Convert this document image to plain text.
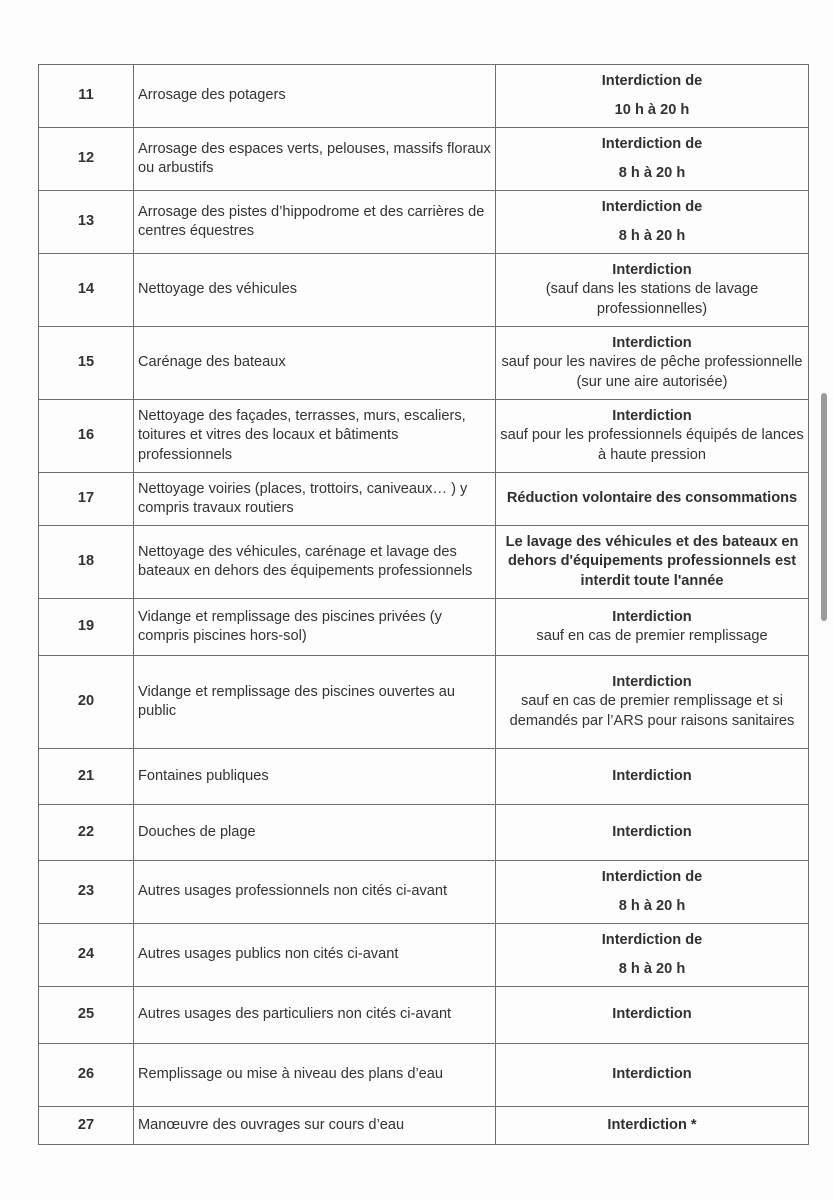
11	Arrosage des potagers	Interdiction de
10 h à 20 h

12	Arrosage des espaces verts, pelouses, massifs floraux ou arbustifs	Interdiction de
8 h à 20 h

13	Arrosage des pistes d’hippodrome et des carrières de centres équestres	Interdiction de
8 h à 20 h

14	Nettoyage des véhicules	Interdiction
(sauf dans les stations de lavage professionnelles)

15	Carénage des bateaux	Interdiction
sauf pour les navires de pêche professionnelle (sur une aire autorisée)

16	Nettoyage des façades, terrasses, murs, escaliers, toitures et vitres des locaux et bâtiments professionnels	Interdiction
sauf pour les professionnels équipés de lances à haute pression

17	Nettoyage voiries (places, trottoirs, caniveaux… ) y compris travaux routiers	Réduction volontaire des consommations

18	Nettoyage des véhicules, carénage et lavage des bateaux en dehors des équipements professionnels	Le lavage des véhicules et des bateaux en dehors d'équipements professionnels est interdit toute l'année

19	Vidange et remplissage des piscines privées (y compris piscines hors-sol)	Interdiction
sauf en cas de premier remplissage

20	Vidange et remplissage des piscines ouvertes au public	Interdiction
sauf en cas de premier remplissage et si demandés par l’ARS pour raisons sanitaires

21	Fontaines publiques	Interdiction

22	Douches de plage	Interdiction

23	Autres usages professionnels non cités ci-avant	Interdiction de
8 h à 20 h

24	Autres usages publics non cités ci-avant	Interdiction de
8 h à 20 h

25	Autres usages des particuliers non cités ci-avant	Interdiction

26	Remplissage ou mise à niveau des plans d’eau	Interdiction

27	Manœuvre des ouvrages sur cours d’eau	Interdiction *
